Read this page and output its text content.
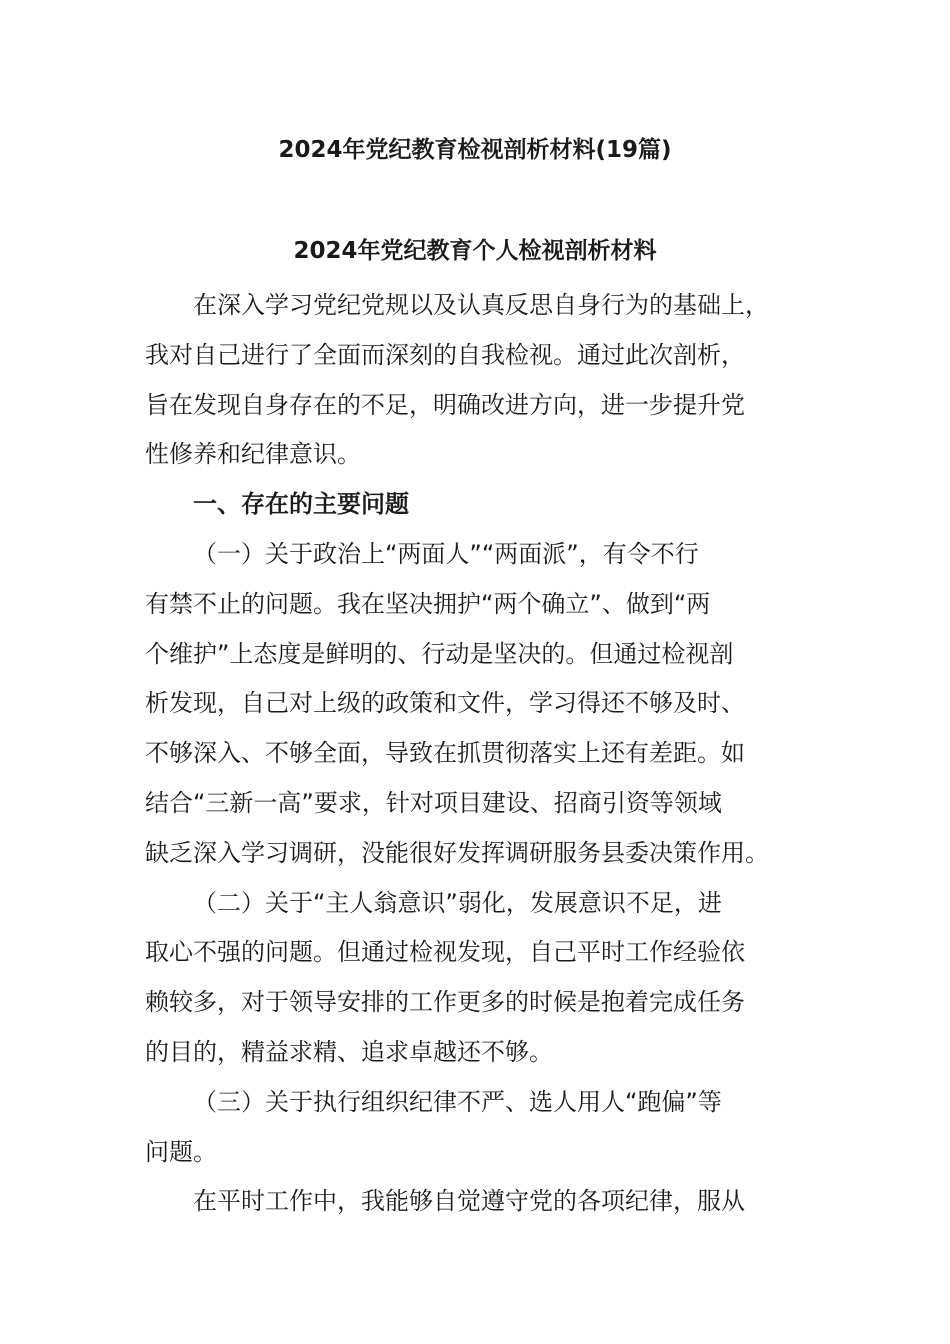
2024年党纪教育检视剖析材料(19篇)
2024年党纪教育个人检视剖析材料

在深入学习党纪党规以及认真反思自身行为的基础上，
我对自己进行了全面而深刻的自我检视。通过此次剖析，
旨在发现自身存在的不足，明确改进方向，进一步提升党
性修养和纪律意识。

一、存在的主要问题

（一）关于政治上“两面人”“两面派”，有令不行
有禁不止的问题。我在坚决拥护“两个确立”、做到“两
个维护”上态度是鲜明的、行动是坚决的。但通过检视剖
析发现，自己对上级的政策和文件，学习得还不够及时、
不够深入、不够全面，导致在抓贯彻落实上还有差距。如
结合“三新一高”要求，针对项目建设、招商引资等领域
缺乏深入学习调研，没能很好发挥调研服务县委决策作用。

（二）关于“主人翁意识”弱化，发展意识不足，进
取心不强的问题。但通过检视发现，自己平时工作经验依
赖较多，对于领导安排的工作更多的时候是抱着完成任务
的目的，精益求精、追求卓越还不够。

（三）关于执行组织纪律不严、选人用人“跑偏”等
问题。

在平时工作中，我能够自觉遵守党的各项纪律，服从
